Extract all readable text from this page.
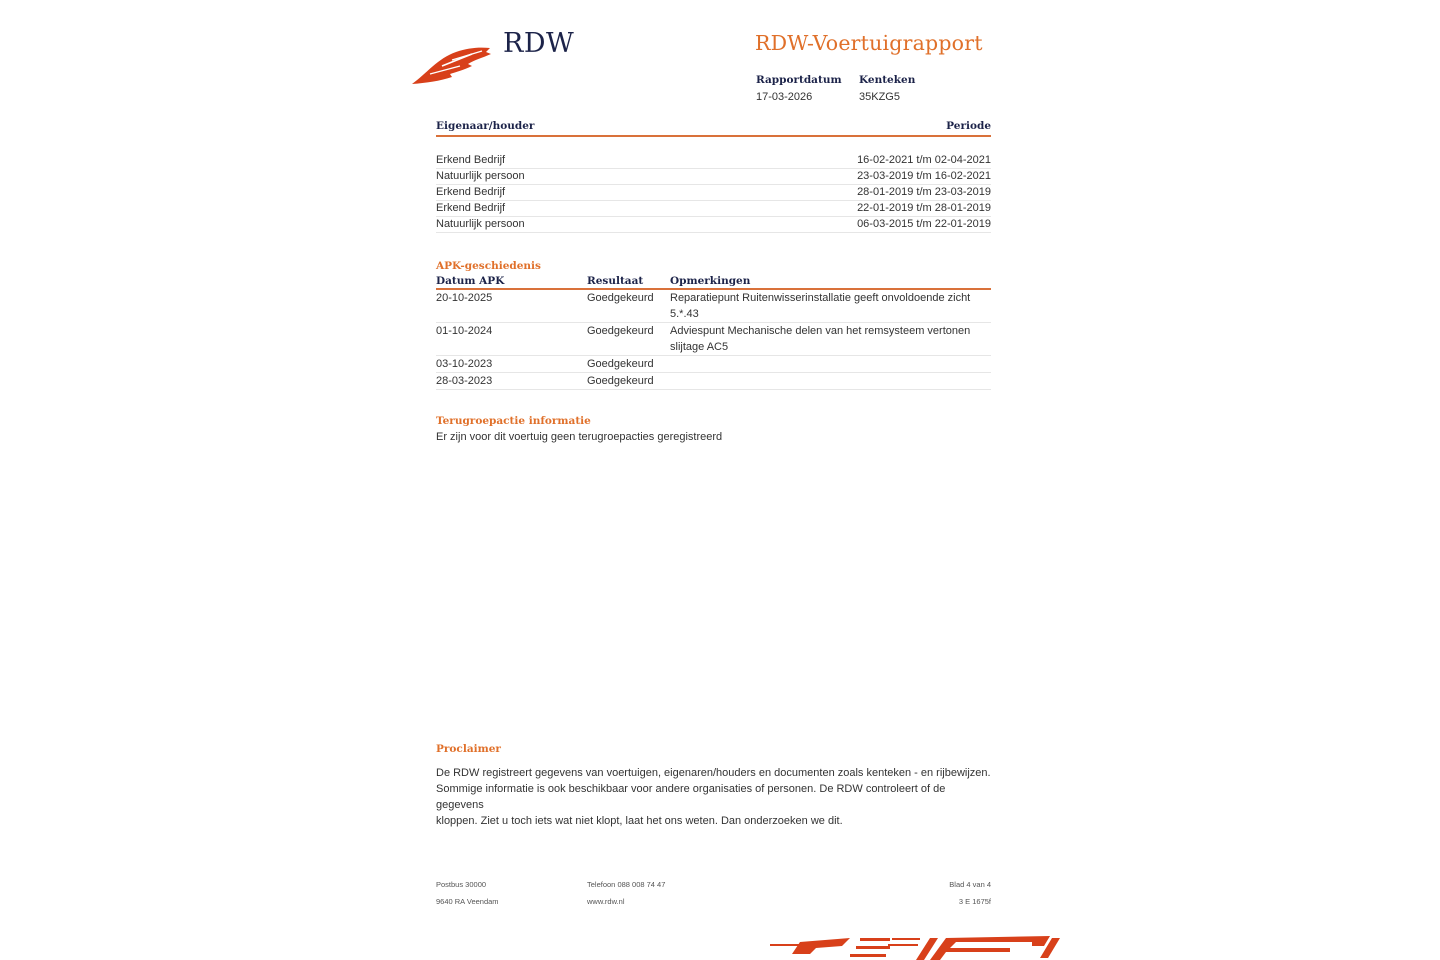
RDW	RDW-Voertuigrapport
Rapportdatum
17-03-2026
Kenteken
35KZG5
Eigenaar/houder	Periode
Erkend Bedrijf	16-02-2021 t/m 02-04-2021
Natuurlijk persoon	23-03-2019 t/m 16-02-2021
Erkend Bedrijf	28-01-2019 t/m 23-03-2019
Erkend Bedrijf	22-01-2019 t/m 28-01-2019
Natuurlijk persoon	06-03-2015 t/m 22-01-2019
APK-geschiedenis
Datum APK	Resultaat	Opmerkingen
20-10-2025	Goedgekeurd	Reparatiepunt Ruitenwisserinstallatie geeft onvoldoende zicht
5.*.43
01-10-2024	Goedgekeurd	Adviespunt Mechanische delen van het remsysteem vertonen
slijtage AC5
03-10-2023	Goedgekeurd
28-03-2023	Goedgekeurd
Terugroepactie informatie
Er zijn voor dit voertuig geen terugroepacties geregistreerd
Proclaimer
De RDW registreert gegevens van voertuigen, eigenaren/houders en documenten zoals kenteken - en rijbewijzen.
Sommige informatie is ook beschikbaar voor andere organisaties of personen. De RDW controleert of de gegevens
kloppen. Ziet u toch iets wat niet klopt, laat het ons weten. Dan onderzoeken we dit.
Postbus 30000	Telefoon 088 008 74 47	Blad 4 van 4
9640 RA Veendam	www.rdw.nl	3 E 1675f
